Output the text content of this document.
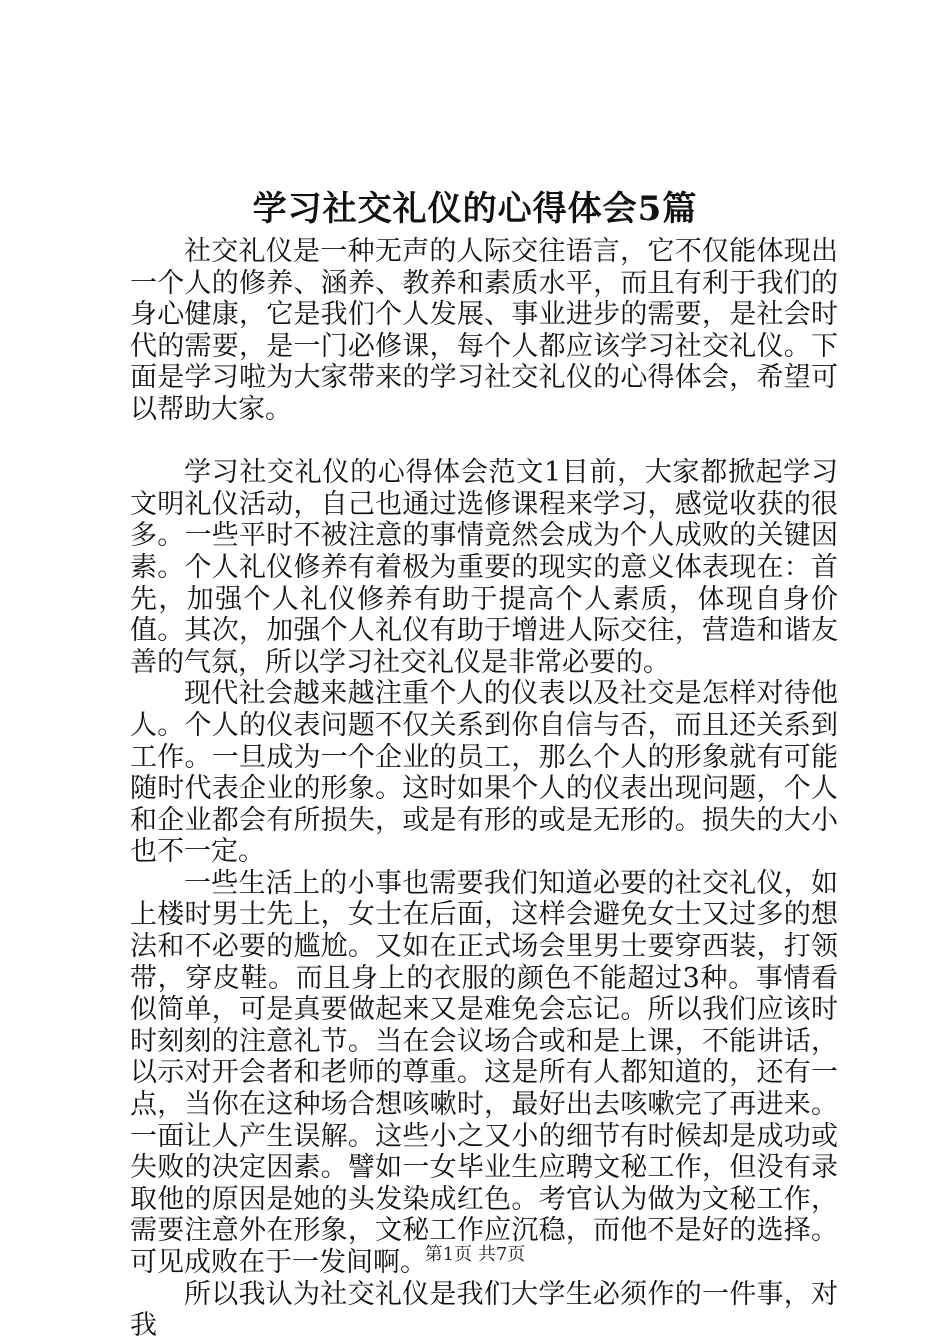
学习社交礼仪的心得体会5篇

社交礼仪是一种无声的人际交往语言，它不仅能体现出一个人的修养、涵养、教养和素质水平，而且有利于我们的身心健康，它是我们个人发展、事业进步的需要，是社会时代的需要，是一门必修课，每个人都应该学习社交礼仪。下面是学习啦为大家带来的学习社交礼仪的心得体会，希望可以帮助大家。

学习社交礼仪的心得体会范文1目前，大家都掀起学习文明礼仪活动，自己也通过选修课程来学习，感觉收获的很多。一些平时不被注意的事情竟然会成为个人成败的关键因素。个人礼仪修养有着极为重要的现实的意义体表现在：首先，加强个人礼仪修养有助于提高个人素质，体现自身价值。其次，加强个人礼仪有助于增进人际交往，营造和谐友善的气氛，所以学习社交礼仪是非常必要的。

现代社会越来越注重个人的仪表以及社交是怎样对待他人。个人的仪表问题不仅关系到你自信与否，而且还关系到工作。一旦成为一个企业的员工，那么个人的形象就有可能随时代表企业的形象。这时如果个人的仪表出现问题，个人和企业都会有所损失，或是有形的或是无形的。损失的大小也不一定。

一些生活上的小事也需要我们知道必要的社交礼仪，如上楼时男士先上，女士在后面，这样会避免女士又过多的想法和不必要的尴尬。又如在正式场会里男士要穿西装，打领带，穿皮鞋。而且身上的衣服的颜色不能超过3种。事情看似简单，可是真要做起来又是难免会忘记。所以我们应该时时刻刻的注意礼节。当在会议场合或和是上课，不能讲话，以示对开会者和老师的尊重。这是所有人都知道的，还有一点，当你在这种场合想咳嗽时，最好出去咳嗽完了再进来。一面让人产生误解。这些小之又小的细节有时候却是成功或失败的决定因素。譬如一女毕业生应聘文秘工作，但没有录取他的原因是她的头发染成红色。考官认为做为文秘工作，需要注意外在形象，文秘工作应沉稳，而他不是好的选择。可见成败在于一发间啊。

所以我认为社交礼仪是我们大学生必须作的一件事，对我

第1页 共7页
